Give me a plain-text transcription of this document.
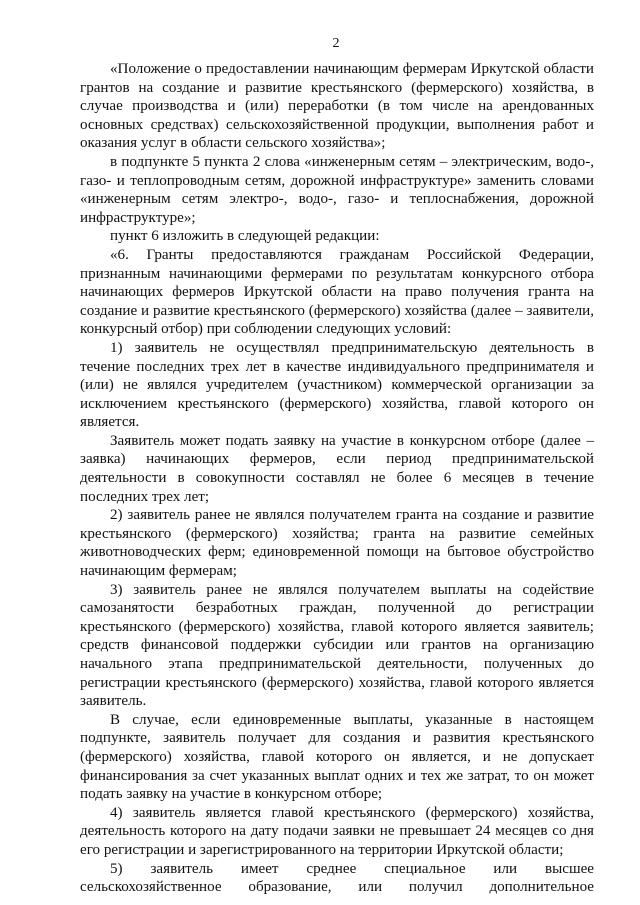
2

«Положение о предоставлении начинающим фермерам Иркутской области грантов на создание и развитие крестьянского (фермерского) хозяйства, в случае производства и (или) переработки (в том числе на арендованных основных средствах) сельскохозяйственной продукции, выполнения работ и оказания услуг в области сельского хозяйства»;

в подпункте 5 пункта 2 слова «инженерным сетям – электрическим, водо-, газо- и теплопроводным сетям, дорожной инфраструктуре» заменить словами «инженерным сетям электро-, водо-, газо- и теплоснабжения, дорожной инфраструктуре»;

пункт 6 изложить в следующей редакции:

«6. Гранты предоставляются гражданам Российской Федерации, признанным начинающими фермерами по результатам конкурсного отбора начинающих фермеров Иркутской области на право получения гранта на создание и развитие крестьянского (фермерского) хозяйства (далее – заявители, конкурсный отбор) при соблюдении следующих условий:

1) заявитель не осуществлял предпринимательскую деятельность в течение последних трех лет в качестве индивидуального предпринимателя и (или) не являлся учредителем (участником) коммерческой организации за исключением крестьянского (фермерского) хозяйства, главой которого он является.

Заявитель может подать заявку на участие в конкурсном отборе (далее – заявка) начинающих фермеров, если период предпринимательской деятельности в совокупности составлял не более 6 месяцев в течение последних трех лет;

2) заявитель ранее не являлся получателем гранта на создание и развитие крестьянского (фермерского) хозяйства; гранта на развитие семейных животноводческих ферм; единовременной помощи на бытовое обустройство начинающим фермерам;

3) заявитель ранее не являлся получателем выплаты на содействие самозанятости безработных граждан, полученной до регистрации крестьянского (фермерского) хозяйства, главой которого является заявитель; средств финансовой поддержки субсидии или грантов на организацию начального этапа предпринимательской деятельности, полученных до регистрации крестьянского (фермерского) хозяйства, главой которого является заявитель.

В случае, если единовременные выплаты, указанные в настоящем подпункте, заявитель получает для создания и развития крестьянского (фермерского) хозяйства, главой которого он является, и не допускает финансирования за счет указанных выплат одних и тех же затрат, то он может подать заявку на участие в конкурсном отборе;

4) заявитель является главой крестьянского (фермерского) хозяйства, деятельность которого на дату подачи заявки не превышает 24 месяцев со дня его регистрации и зарегистрированного на территории Иркутской области;

5) заявитель имеет среднее специальное или высшее сельскохозяйственное образование, или получил дополнительное
